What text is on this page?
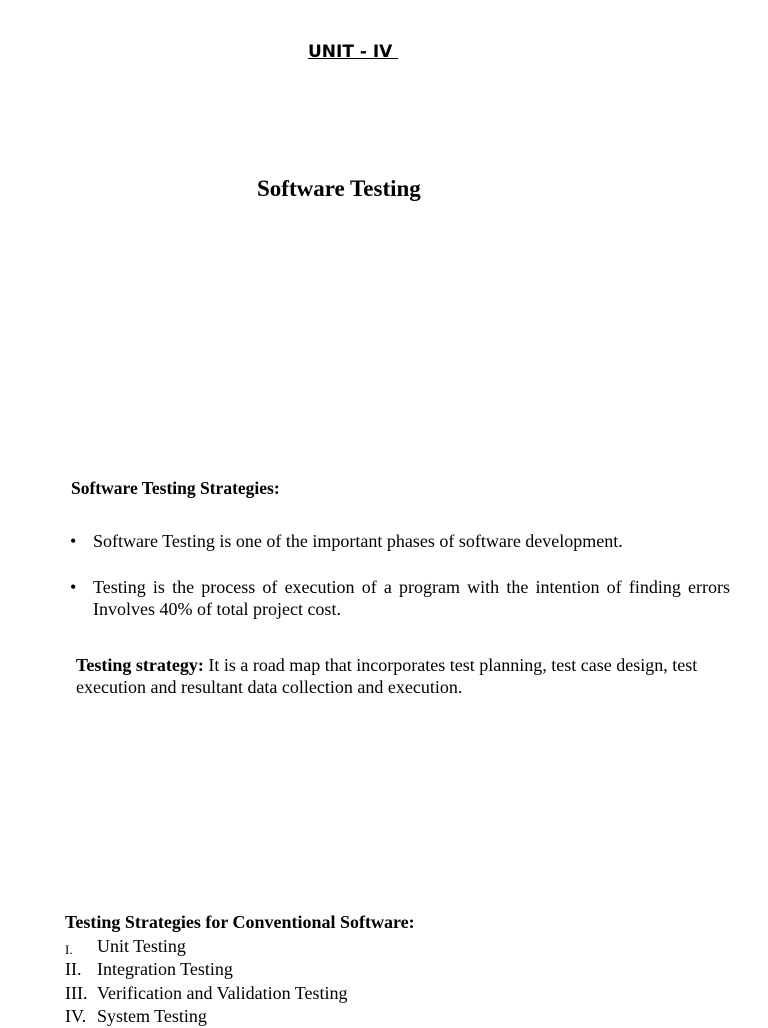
UNIT - IV
Software Testing
Software Testing Strategies:
• Software Testing is one of the important phases of software development.
• Testing is the process of execution of a program with the intention of finding errors Involves 40% of total project cost.

Testing strategy: It is a road map that incorporates test planning, test case design, test execution and resultant data collection and execution.

Testing Strategies for Conventional Software:
I. Unit Testing
II. Integration Testing
III. Verification and Validation Testing
IV. System Testing
